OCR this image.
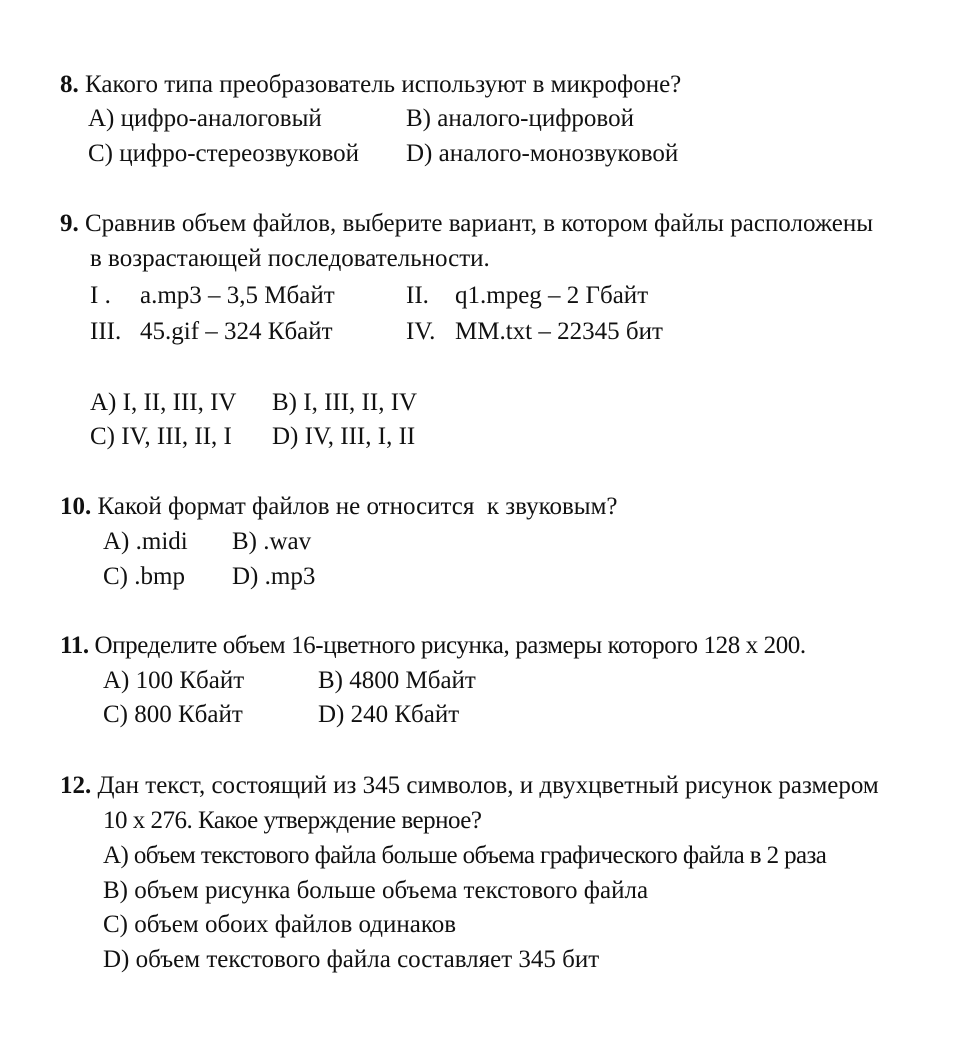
8. Какого типа преобразователь используют в микрофоне?
A) цифро-аналоговый	B) аналого-цифровой
C) цифро-стереозвуковой D) аналого-монозвуковой
9. Сравнив объем файлов, выберите вариант, в котором файлы расположены
в возрастающей последовательности.
I . a.mp3 – 3,5 Мбайт	II. q1.mpeg – 2 Гбайт
III. 45.gif – 324 Кбайт	IV. MM.txt – 22345 бит
A) I, II, III, IV B) I, III, II, IV
C) IV, III, II, I D) IV, III, I, II
10. Какой формат файлов не относится  к звуковым?
A) .midi B) .wav
C) .bmp D) .mp3
11. Определите объем 16-цветного рисунка, размеры которого 128 x 200.
A) 100 Кбайт	B) 4800 Мбайт
C) 800 Кбайт	D) 240 Кбайт
12. Дан текст, состоящий из 345 символов, и двухцветный рисунок размером
10 x 276. Какое утверждение верное?
A) объем текстового файла больше объема графического файла в 2 раза
B) объем рисунка больше объема текстового файла
C) объем обоих файлов одинаков
D) объем текстового файла составляет 345 бит
